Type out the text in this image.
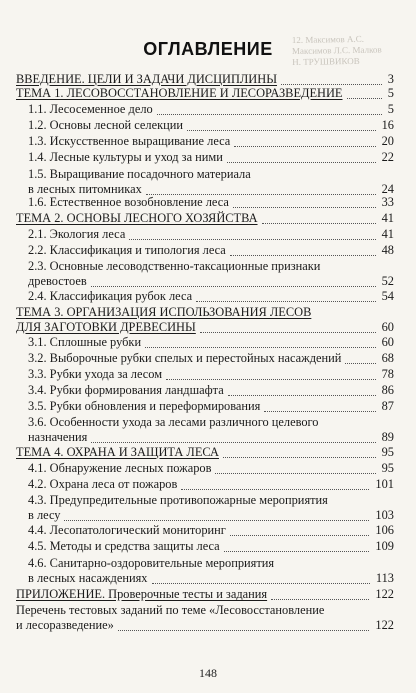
12. Максимов А.С.
Максимов Л.С. Малков
Н. ТРУШВИКОВ
ОГЛАВЛЕНИЕ
ВВЕДЕНИЕ. ЦЕЛИ И ЗАДАЧИ ДИСЦИПЛИНЫ	3
ТЕМА 1. ЛЕСОВОССТАНОВЛЕНИЕ И ЛЕСОРАЗВЕДЕНИЕ	5
1.1. Лесосеменное дело	5
1.2. Основы лесной селекции	16
1.3. Искусственное выращивание леса	20
1.4. Лесные культуры и уход за ними	22
1.5. Выращивание посадочного материала
в лесных питомниках	24
1.6. Естественное возобновление леса	33
ТЕМА 2. ОСНОВЫ ЛЕСНОГО ХОЗЯЙСТВА	41
2.1. Экология леса	41
2.2. Классификация и типология леса	48
2.3. Основные лесоводственно-таксационные признаки
древостоев	52
2.4. Классификация рубок леса	54
ТЕМА 3. ОРГАНИЗАЦИЯ ИСПОЛЬЗОВАНИЯ ЛЕСОВ
ДЛЯ ЗАГОТОВКИ ДРЕВЕСИНЫ	60
3.1. Сплошные рубки	60
3.2. Выборочные рубки спелых и перестойных насаждений	68
3.3. Рубки ухода за лесом	78
3.4. Рубки формирования ландшафта	86
3.5. Рубки обновления и переформирования	87
3.6. Особенности ухода за лесами различного целевого
назначения	89
ТЕМА 4. ОХРАНА И ЗАЩИТА ЛЕСА	95
4.1. Обнаружение лесных пожаров	95
4.2. Охрана леса от пожаров	101
4.3. Предупредительные противопожарные мероприятия
в лесу	103
4.4. Лесопатологический мониторинг	106
4.5. Методы и средства защиты леса	109
4.6. Санитарно-оздоровительные мероприятия
в лесных насаждениях	113
ПРИЛОЖЕНИЕ. Проверочные тесты и задания	122
Перечень тестовых заданий по теме «Лесовосстановление
и лесоразведение»	122
148
